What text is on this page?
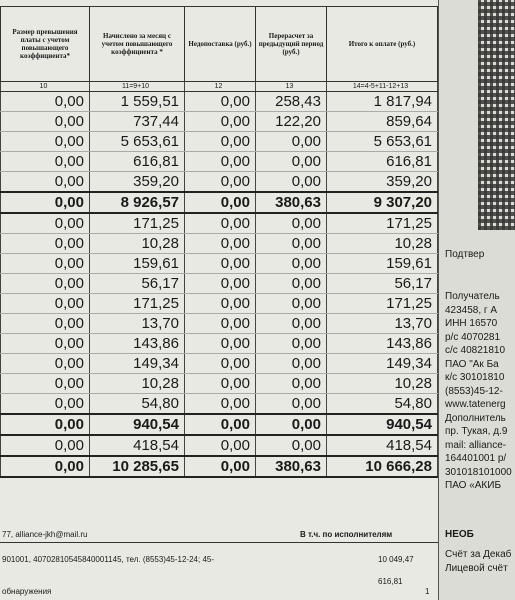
Размер превышения платы с учетом повышающего коэффициента*	Начислено за месяц с учетом повышающего коэффициента *	Недопоставка (руб.)	Перерасчет за предыдущий период (руб.)	Итого к оплате (руб.)
10	11=9+10	12	13	14=4-5+11-12+13
0,00	1 559,51	0,00	258,43	1 817,94
0,00	737,44	0,00	122,20	859,64
0,00	5 653,61	0,00	0,00	5 653,61
0,00	616,81	0,00	0,00	616,81
0,00	359,20	0,00	0,00	359,20
0,00	8 926,57	0,00	380,63	9 307,20
0,00	171,25	0,00	0,00	171,25
0,00	10,28	0,00	0,00	10,28
0,00	159,61	0,00	0,00	159,61
0,00	56,17	0,00	0,00	56,17
0,00	171,25	0,00	0,00	171,25
0,00	13,70	0,00	0,00	13,70
0,00	143,86	0,00	0,00	143,86
0,00	149,34	0,00	0,00	149,34
0,00	10,28	0,00	0,00	10,28
0,00	54,80	0,00	0,00	54,80
0,00	940,54	0,00	0,00	940,54
0,00	418,54	0,00	0,00	418,54
0,00	10 285,65	0,00	380,63	10 666,28
77, alliance-jkh@mail.ru	В т.ч. по исполнителям
901001, 40702810545840001145, тел. (8553)45-12-24; 45-	10 049,47
обнаружения
616,81
1
Подтвер
Получатель
423458, г А
ИНН 16570
р/с 4070281
с/с 40821810
ПАО "Ак Ба
к/с 30101810
(8553)45-12-
www.tatenerg
Дополнитель
пр. Тукая, д.9
mail: alliance-
164401001 р/
301018101000
ПАО «АКИБ
НЕОБ
Счёт за Декаб
Лицевой счёт
